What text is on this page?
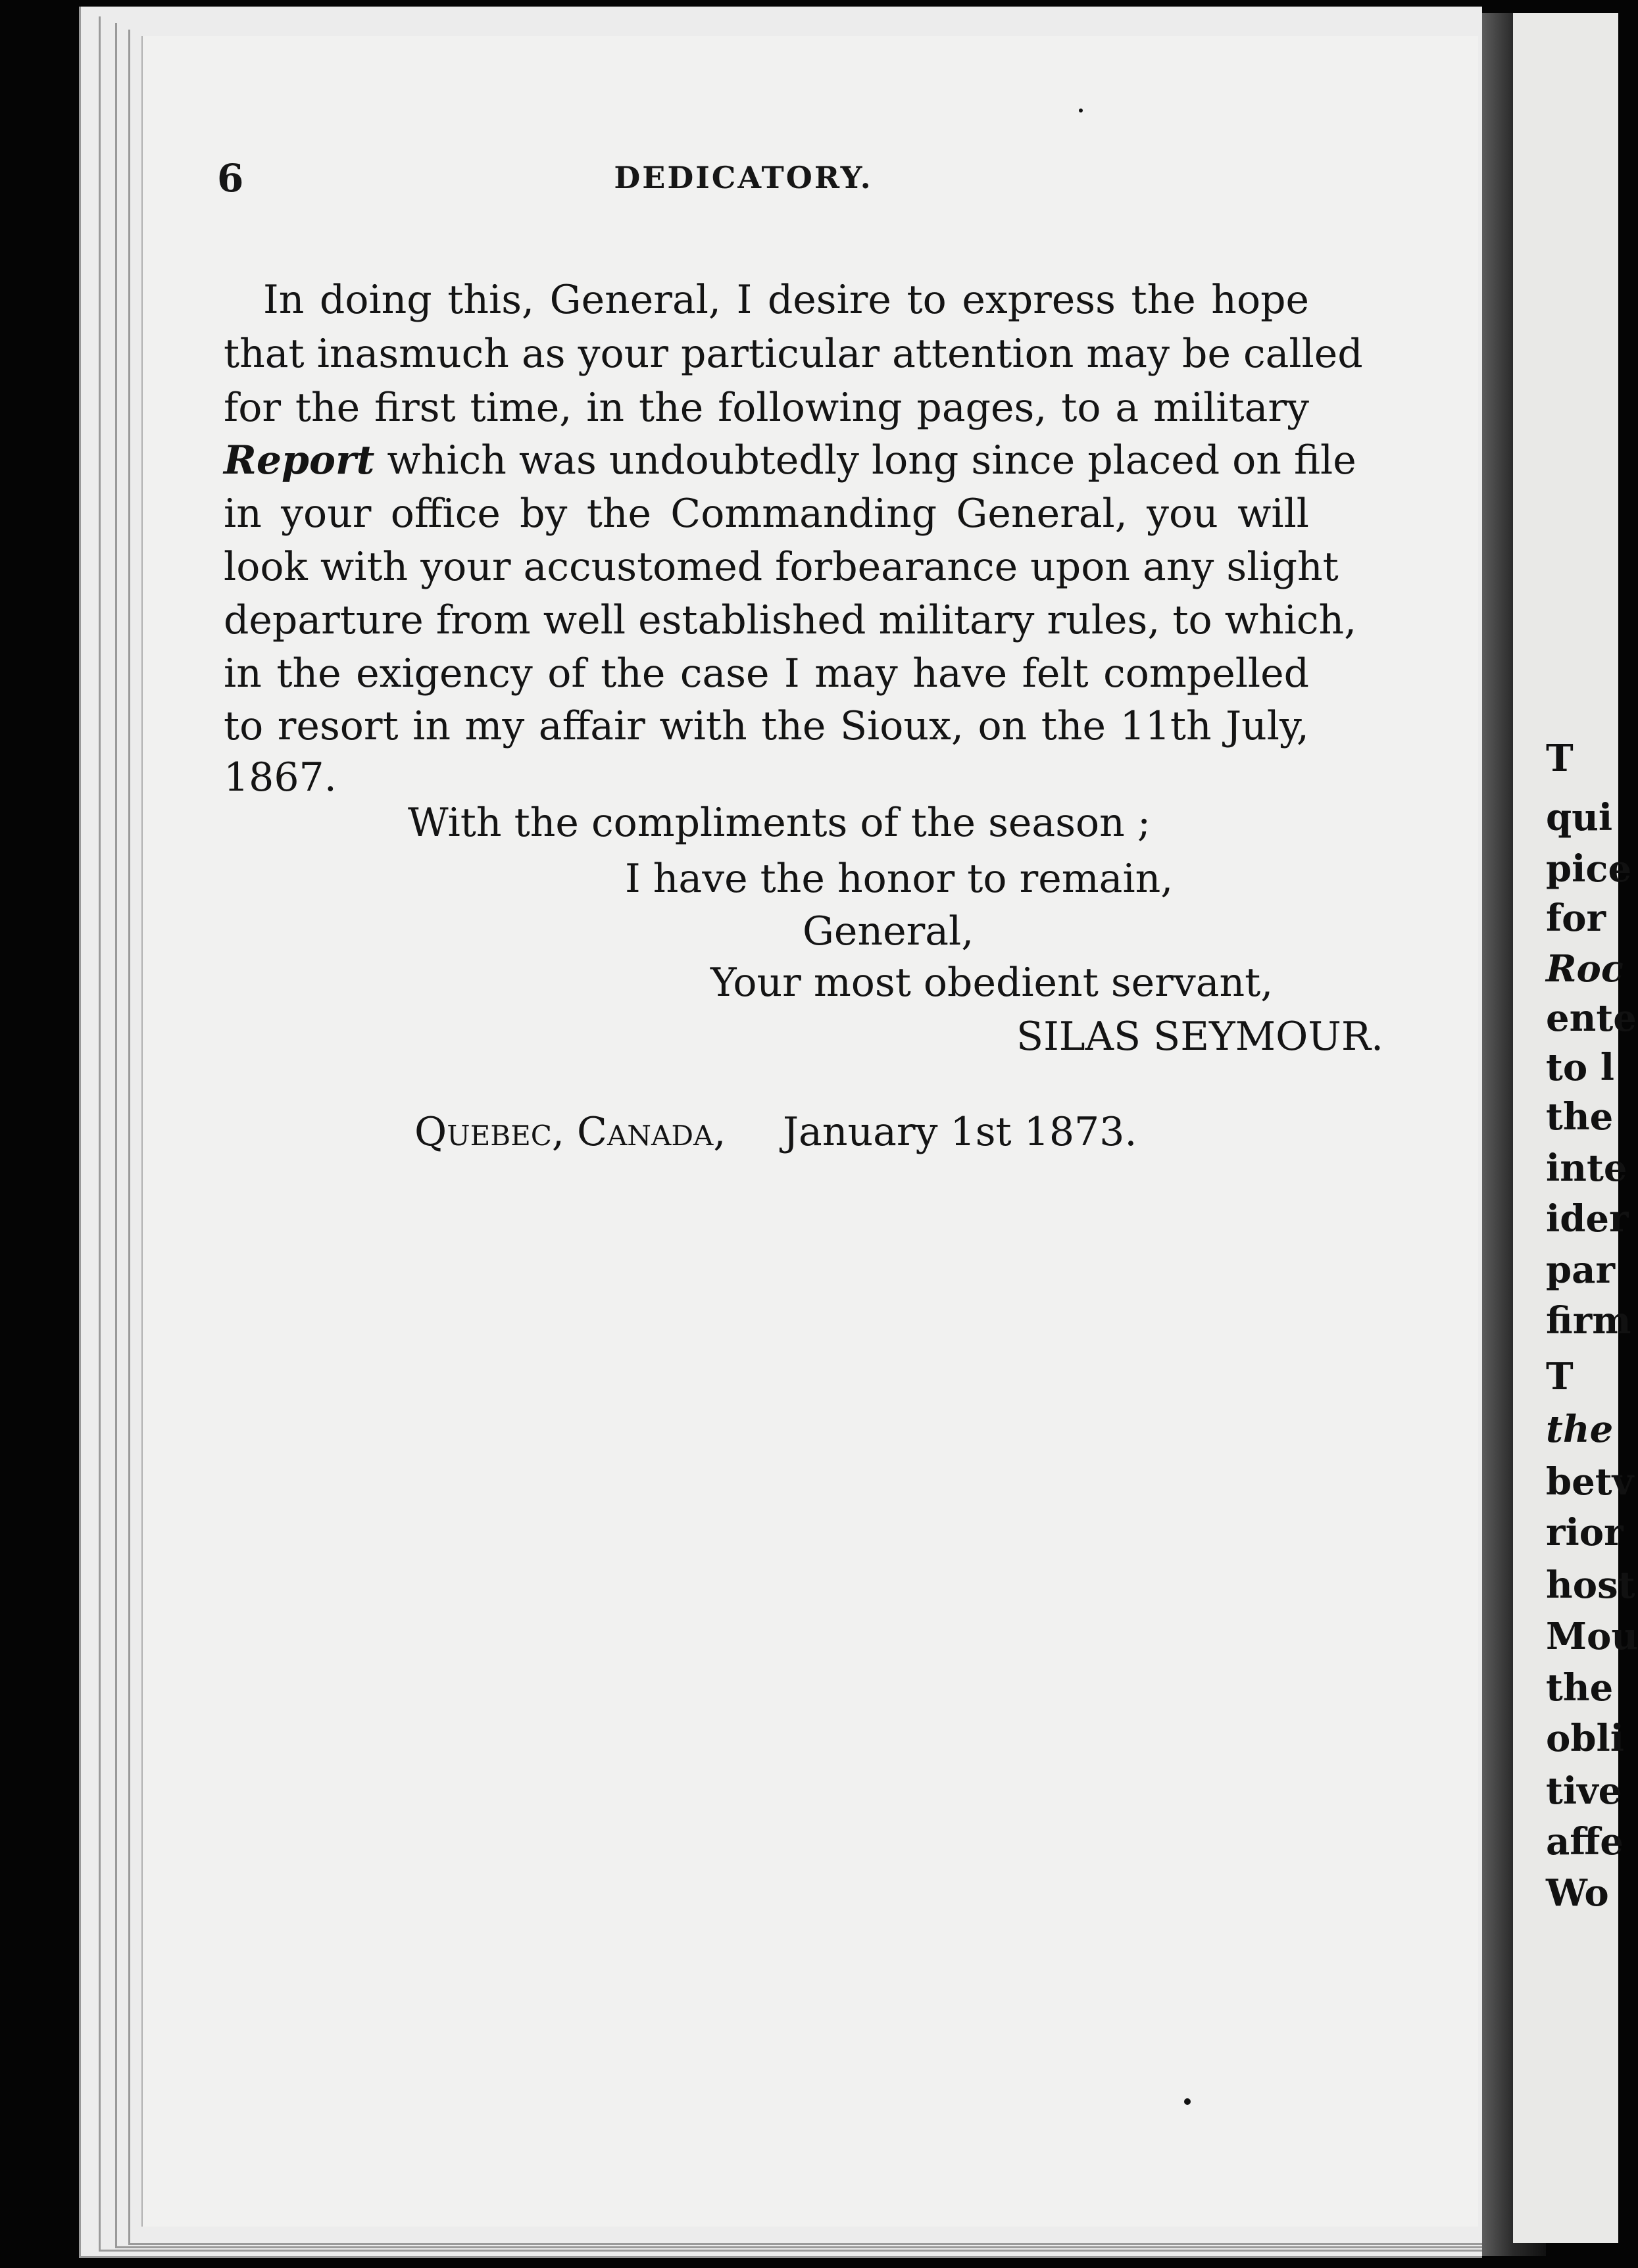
6	DEDICATORY.
In doing this, General, I desire to express the hope
that inasmuch as your particular attention may be called
for the first time, in the following pages, to a military
Report which was undoubtedly long since placed on file
in your office by the Commanding General, you will
look with your accustomed forbearance upon any slight
departure from well established military rules, to which,
in the exigency of the case I may have felt compelled
to resort in my affair with the Sioux, on the 11th July,
1867.
With the compliments of the season ;
I have the honor to remain,
General,
Your most obedient servant,
SILAS SEYMOUR.
Quebec, Canada, January 1st 1873.
T
qui
pice
for
Roc
ente
to l
the
inte
ider
par
firm
T
the
betv
rior
host
Mou
the
obli
tive
affe
Wo
